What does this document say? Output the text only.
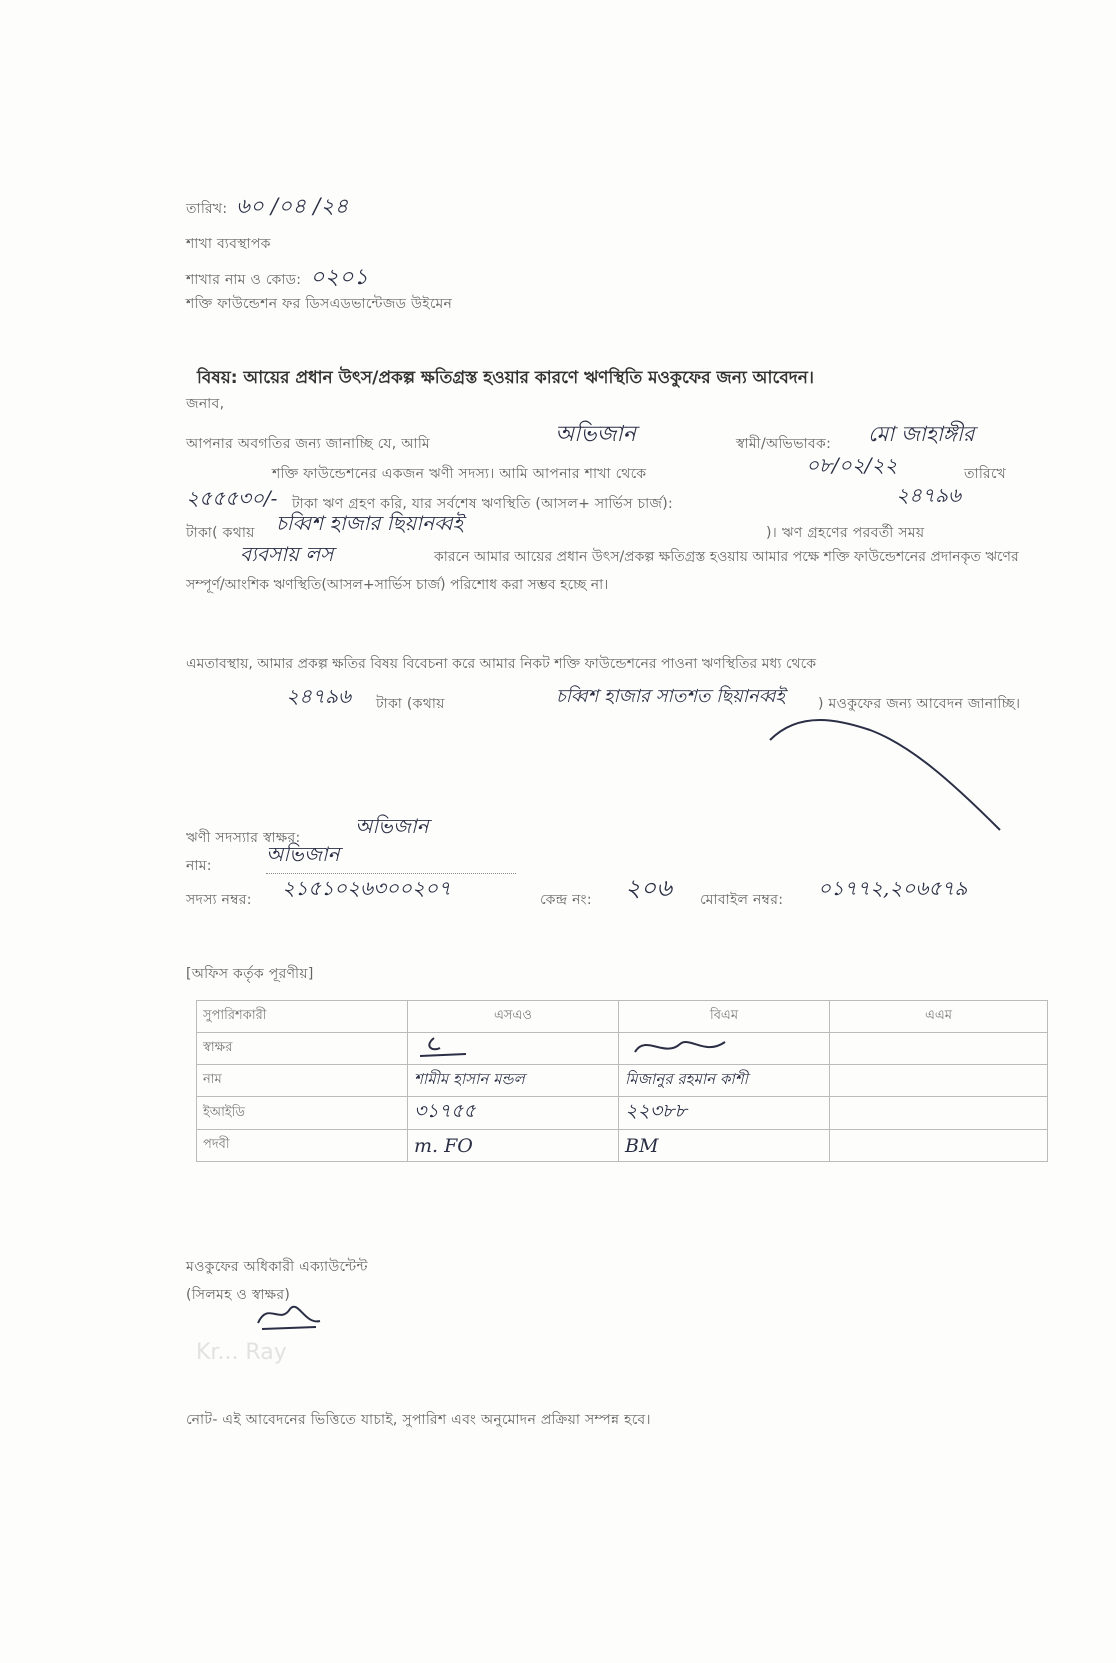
তারিখ: ৬০ /০৪ /২৪
শাখা ব্যবস্থাপক
শাখার নাম ও কোড: ০২০১
শক্তি ফাউন্ডেশন ফর ডিসএডভান্টেজড উইমেন
বিষয়: আয়ের প্রধান উৎস/প্রকল্প ক্ষতিগ্রস্ত হওয়ার কারণে ঋণস্থিতি মওকুফের জন্য আবেদন।
জনাব,
আপনার অবগতির জন্য জানাচ্ছি যে, আমি	অভিজান	স্বামী/অভিভাবক: মো জাহাঙ্গীর
শক্তি ফাউন্ডেশনের একজন ঋণী সদস্য। আমি আপনার শাখা থেকে	০৮/০২/২২	তারিখে
২৫৫৫৩০/- টাকা ঋণ গ্রহণ করি, যার সর্বশেষ ঋণস্থিতি (আসল+ সার্ভিস চার্জ):	২৪৭৯৬
টাকা( কথায় চব্বিশ হাজার ছিয়ানব্বই	)। ঋণ গ্রহণের পরবর্তী সময়
ব্যবসায় লস	কারনে আমার আয়ের প্রধান উৎস/প্রকল্প ক্ষতিগ্রস্ত হওয়ায় আমার পক্ষে শক্তি ফাউন্ডেশনের প্রদানকৃত ঋণের সম্পূর্ণ/আংশিক ঋণস্থিতি(আসল+সার্ভিস চার্জ) পরিশোধ করা সম্ভব হচ্ছে না।
এমতাবস্থায়, আমার প্রকল্প ক্ষতির বিষয় বিবেচনা করে আমার নিকট শক্তি ফাউন্ডেশনের পাওনা ঋণস্থিতির মধ্য থেকে
২৪৭৯৬ টাকা (কথায়	চব্বিশ হাজার সাতশত ছিয়ানব্বই ) মওকুফের জন্য আবেদন জানাচ্ছি।
ঋণী সদস্যার স্বাক্ষর:	অভিজান
নাম:	অভিজান
সদস্য নম্বর: ২১৫১০২৬৩০০২০৭	কেন্দ্র নং: ২০৬ মোবাইল নম্বর: ০১৭৭২,২০৬৫৭৯
[অফিস কর্তৃক পূরণীয়]
সুপারিশকারী	এসএও	বিএম	এএম
স্বাক্ষর			
নাম	শামীম হাসান মন্ডল	মিজানুর রহমান কাশী	
ইআইডি	৩১৭৫৫	২২৩৮৮	
পদবী	m. FO	BM	
মওকুফের অধিকারী এক্যাউন্টেন্ট
(সিলমহ ও স্বাক্ষর)
Kr... Ray
নোট- এই আবেদনের ভিত্তিতে যাচাই, সুপারিশ এবং অনুমোদন প্রক্রিয়া সম্পন্ন হবে।
